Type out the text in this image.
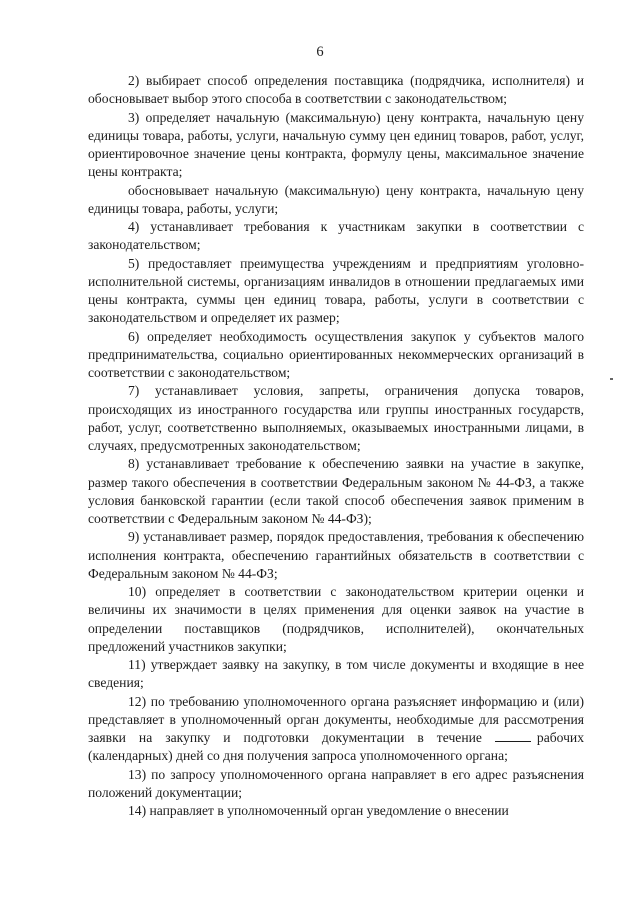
6

2) выбирает способ определения поставщика (подрядчика, исполнителя) и обосновывает выбор этого способа в соответствии с законодательством;

3) определяет начальную (максимальную) цену контракта, начальную цену единицы товара, работы, услуги, начальную сумму цен единиц товаров, работ, услуг, ориентировочное значение цены контракта, формулу цены, максимальное значение цены контракта;

обосновывает начальную (максимальную) цену контракта, начальную цену единицы товара, работы, услуги;

4) устанавливает требования к участникам закупки в соответствии с законодательством;

5) предоставляет преимущества учреждениям и предприятиям уголовно-исполнительной системы, организациям инвалидов в отношении предлагаемых ими цены контракта, суммы цен единиц товара, работы, услуги в соответствии с законодательством и определяет их размер;

6) определяет необходимость осуществления закупок у субъектов малого предпринимательства, социально ориентированных некоммерческих организаций в соответствии с законодательством;

7) устанавливает условия, запреты, ограничения допуска товаров, происходящих из иностранного государства или группы иностранных государств, работ, услуг, соответственно выполняемых, оказываемых иностранными лицами, в случаях, предусмотренных законодательством;

8) устанавливает требование к обеспечению заявки на участие в закупке, размер такого обеспечения в соответствии Федеральным законом № 44-ФЗ, а также условия банковской гарантии (если такой способ обеспечения заявок применим в соответствии с Федеральным законом № 44-ФЗ);

9) устанавливает размер, порядок предоставления, требования к обеспечению исполнения контракта, обеспечению гарантийных обязательств в соответствии с Федеральным законом № 44-ФЗ;

10) определяет в соответствии с законодательством критерии оценки и величины их значимости в целях применения для оценки заявок на участие в определении поставщиков (подрядчиков, исполнителей), окончательных предложений участников закупки;

11) утверждает заявку на закупку, в том числе документы и входящие в нее сведения;

12) по требованию уполномоченного органа разъясняет информацию и (или) представляет в уполномоченный орган документы, необходимые для рассмотрения заявки на закупку и подготовки документации в течение	рабочих (календарных) дней со дня получения запроса уполномоченного органа;

13) по запросу уполномоченного органа направляет в его адрес разъяснения положений документации;

14) направляет в уполномоченный орган уведомление о внесении
